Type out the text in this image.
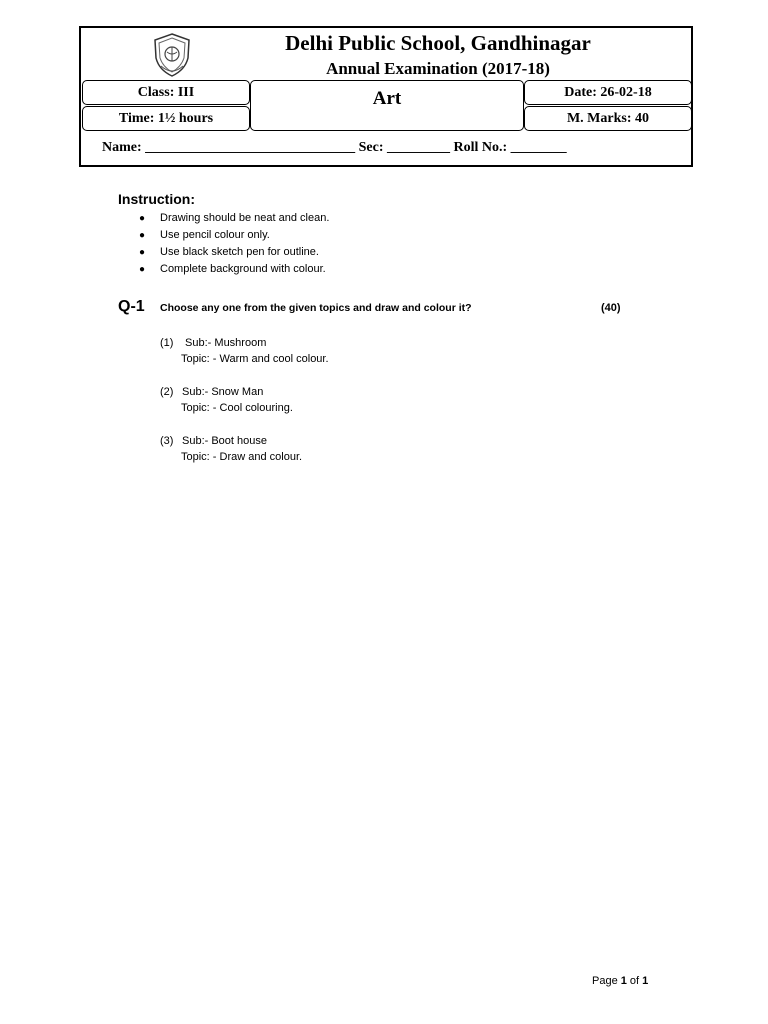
Delhi Public School, Gandhinagar
Annual Examination (2017-18)
Class: III
Time: 1½ hours
Art	Date: 26-02-18
M. Marks: 40
Name: ______________________________ Sec: _________ Roll No.: ________
Instruction:
● Drawing should be neat and clean.
● Use pencil colour only.
● Use black sketch pen for outline.
● Complete background with colour.
Q-1 Choose any one from the given topics and draw and colour it?	(40)
(1) Sub:- Mushroom
Topic: - Warm and cool colour.
(2) Sub:- Snow Man
Topic: - Cool colouring.
(3) Sub:- Boot house
Topic: - Draw and colour.
Page 1 of 1
